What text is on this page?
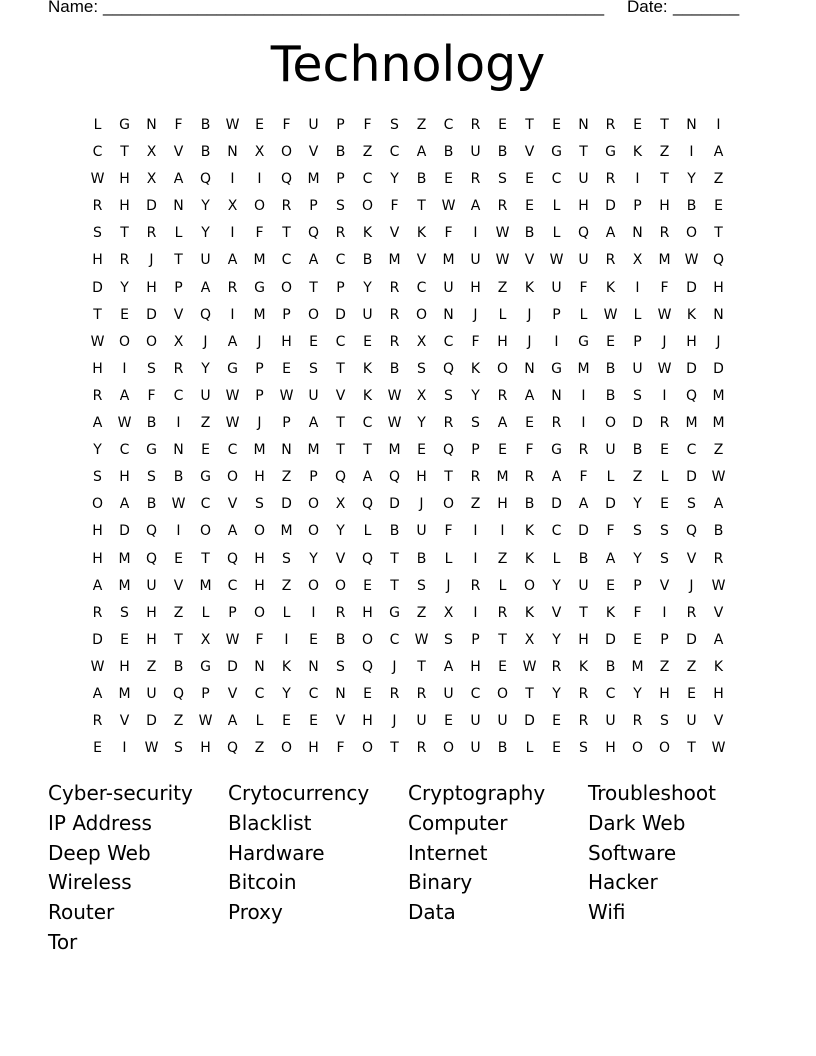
Name: _____________________________________________________ Date: _______
Technology
L	G	N	F	B	W	E	F	U	P	F	S	Z	C	R	E	T	E	N	R	E	T	N	I
C	T	X	V	B	N	X	O	V	B	Z	C	A	B	U	B	V	G	T	G	K	Z	I	A
W	H	X	A	Q	I	I	Q	M	P	C	Y	B	E	R	S	E	C	U	R	I	T	Y	Z
R	H	D	N	Y	X	O	R	P	S	O	F	T	W	A	R	E	L	H	D	P	H	B	E
S	T	R	L	Y	I	F	T	Q	R	K	V	K	F	I	W	B	L	Q	A	N	R	O	T
H	R	J	T	U	A	M	C	A	C	B	M	V	M	U	W	V	W	U	R	X	M	W	Q
D	Y	H	P	A	R	G	O	T	P	Y	R	C	U	H	Z	K	U	F	K	I	F	D	H
T	E	D	V	Q	I	M	P	O	D	U	R	O	N	J	L	J	P	L	W	L	W	K	N
W	O	O	X	J	A	J	H	E	C	E	R	X	C	F	H	J	I	G	E	P	J	H	J
H	I	S	R	Y	G	P	E	S	T	K	B	S	Q	K	O	N	G	M	B	U	W	D	D
R	A	F	C	U	W	P	W	U	V	K	W	X	S	Y	R	A	N	I	B	S	I	Q	M
A	W	B	I	Z	W	J	P	A	T	C	W	Y	R	S	A	E	R	I	O	D	R	M	M
Y	C	G	N	E	C	M	N	M	T	T	M	E	Q	P	E	F	G	R	U	B	E	C	Z
S	H	S	B	G	O	H	Z	P	Q	A	Q	H	T	R	M	R	A	F	L	Z	L	D	W
O	A	B	W	C	V	S	D	O	X	Q	D	J	O	Z	H	B	D	A	D	Y	E	S	A
H	D	Q	I	O	A	O	M	O	Y	L	B	U	F	I	I	K	C	D	F	S	S	Q	B
H	M	Q	E	T	Q	H	S	Y	V	Q	T	B	L	I	Z	K	L	B	A	Y	S	V	R
A	M	U	V	M	C	H	Z	O	O	E	T	S	J	R	L	O	Y	U	E	P	V	J	W
R	S	H	Z	L	P	O	L	I	R	H	G	Z	X	I	R	K	V	T	K	F	I	R	V
D	E	H	T	X	W	F	I	E	B	O	C	W	S	P	T	X	Y	H	D	E	P	D	A
W	H	Z	B	G	D	N	K	N	S	Q	J	T	A	H	E	W	R	K	B	M	Z	Z	K
A	M	U	Q	P	V	C	Y	C	N	E	R	R	U	C	O	T	Y	R	C	Y	H	E	H
R	V	D	Z	W	A	L	E	E	V	H	J	U	E	U	U	D	E	R	U	R	S	U	V
E	I	W	S	H	Q	Z	O	H	F	O	T	R	O	U	B	L	E	S	H	O	O	T	W
Cyber-security	Crytocurrency	Cryptography	Troubleshoot
IP Address	Blacklist	Computer	Dark Web
Deep Web	Hardware	Internet	Software
Wireless	Bitcoin	Binary	Hacker
Router	Proxy	Data	Wifi
Tor
